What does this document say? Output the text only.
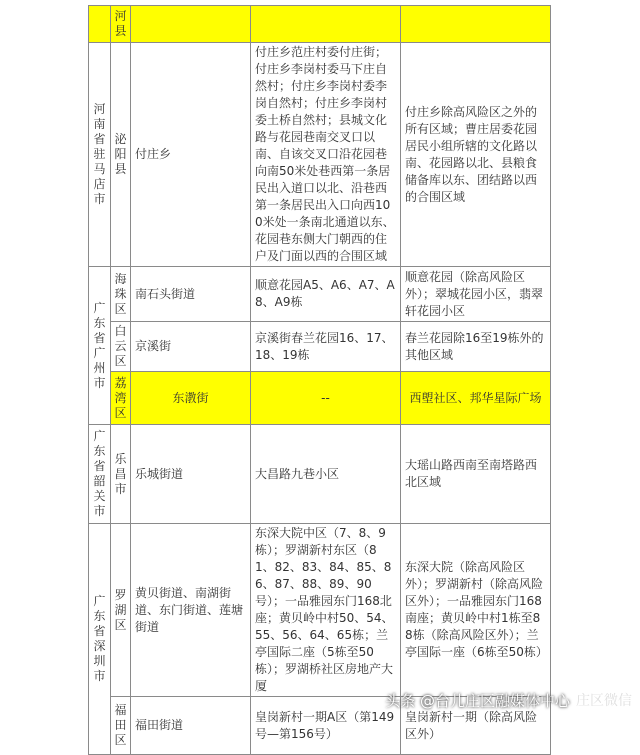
	河县			

河南省驻马店市	泌阳县	付庄乡	付庄乡范庄村委付庄街；付庄乡李岗村委马下庄自然村；付庄乡李岗村委李岗自然村；付庄乡李岗村委土桥自然村；县城文化路与花园巷南交叉口以南、自该交叉口沿花园巷向南50米处巷西第一条居民出入道口以北、沿巷西第一条居民出入口向西100米处一条南北通道以东、花园巷东侧大门朝西的住户及门面以西的合围区域	付庄乡除高风险区之外的所有区域；曹庄居委花园居民小组所辖的文化路以南、花园路以北、县粮食储备库以东、团结路以西的合围区域

广东省广州市	海珠区	南石头街道	顺意花园A5、A6、A7、A8、A9栋	顺意花园（除高风险区外）；翠城花园小区，翡翠轩花园小区

	白云区	京溪街	京溪街春兰花园16、17、18、19栋	春兰花园除16至19栋外的其他区域

	荔湾区	东漖街	--	西塱社区、邦华星际广场

广东省韶关市	乐昌市	乐城街道	大昌路九巷小区	大瑶山路西南至南塔路西北区域

广东省深圳市	罗湖区	黄贝街道、南湖街道、东门街道、莲塘街道	东深大院中区（7、8、9栋）；罗湖新村东区（81、82、83、84、85、86、87、88、89、90号）；一品雅园东门168北座；黄贝岭中村50、54、55、56、64、65栋；兰亭国际二座（5栋至50栋）；罗湖桥社区房地产大厦	东深大院（除高风险区外）；罗湖新村（除高风险区外）；一品雅园东门168南座；黄贝岭中村1栋至88栋（除高风险区外）；兰亭国际一座（6栋至50栋）

	福田区	福田街道	皇岗新村一期A区（第149号—第156号）	皇岗新村一期（除高风险区外）
头条 @台儿庄区融媒体中心 庄区微信
